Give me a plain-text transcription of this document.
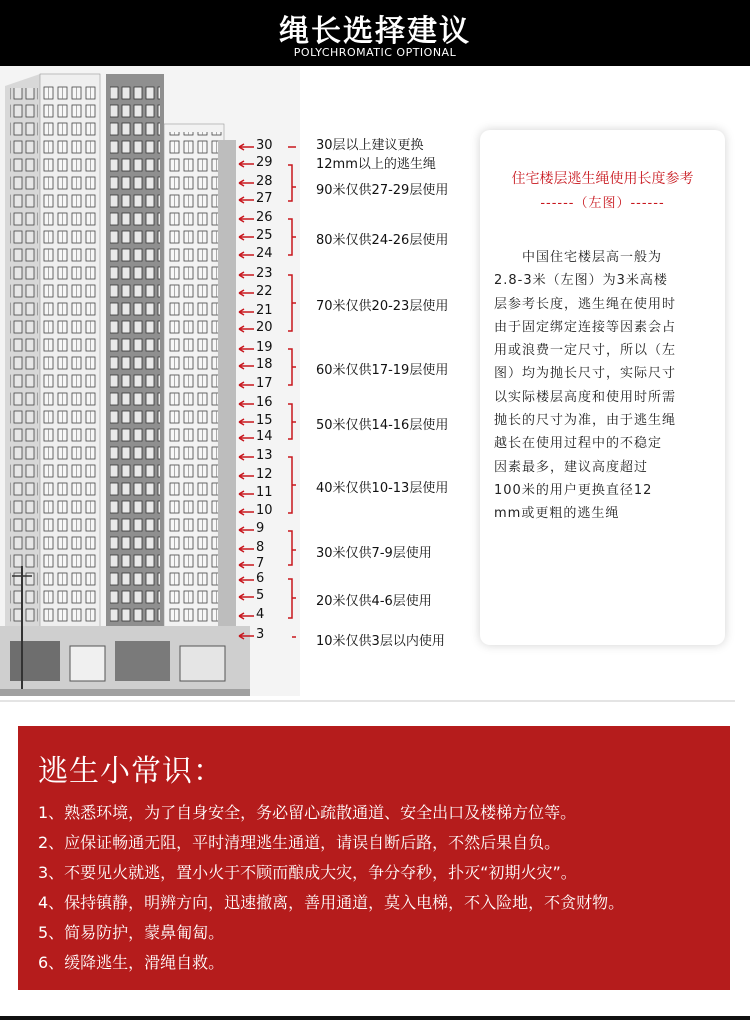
绳长选择建议
POLYCHROMATIC OPTIONAL
30
29
28
27
26
25
24
23
22
21
20
19
18
17
16
15
14
13
12
11
10
9
8
7
6
5
4
3
30层以上建议更换
12mm以上的逃生绳
90米仅供27-29层使用
80米仅供24-26层使用
70米仅供20-23层使用
60米仅供17-19层使用
50米仅供14-16层使用
40米仅供10-13层使用
30米仅供7-9层使用
20米仅供4-6层使用
10米仅供3层以内使用
住宅楼层逃生绳使用长度参考
------（左图）------
中国住宅楼层高一般为
2.8-3米（左图）为3米高楼
层参考长度，逃生绳在使用时
由于固定绑定连接等因素会占
用或浪费一定尺寸，所以（左
图）均为抛长尺寸，实际尺寸
以实际楼层高度和使用时所需
抛长的尺寸为准，由于逃生绳
越长在使用过程中的不稳定
因素最多，建议高度超过
100米的用户更换直径12
mm或更粗的逃生绳
逃生小常识：
1、熟悉环境，为了自身安全，务必留心疏散通道、安全出口及楼梯方位等。
2、应保证畅通无阻，平时清理逃生通道，请误自断后路，不然后果自负。
3、不要见火就逃，置小火于不顾而酿成大灾，争分夺秒，扑灭“初期火灾”。
4、保持镇静，明辨方向，迅速撤离，善用通道，莫入电梯，不入险地，不贪财物。
5、简易防护，蒙鼻匍匐。
6、缓降逃生，滑绳自救。
